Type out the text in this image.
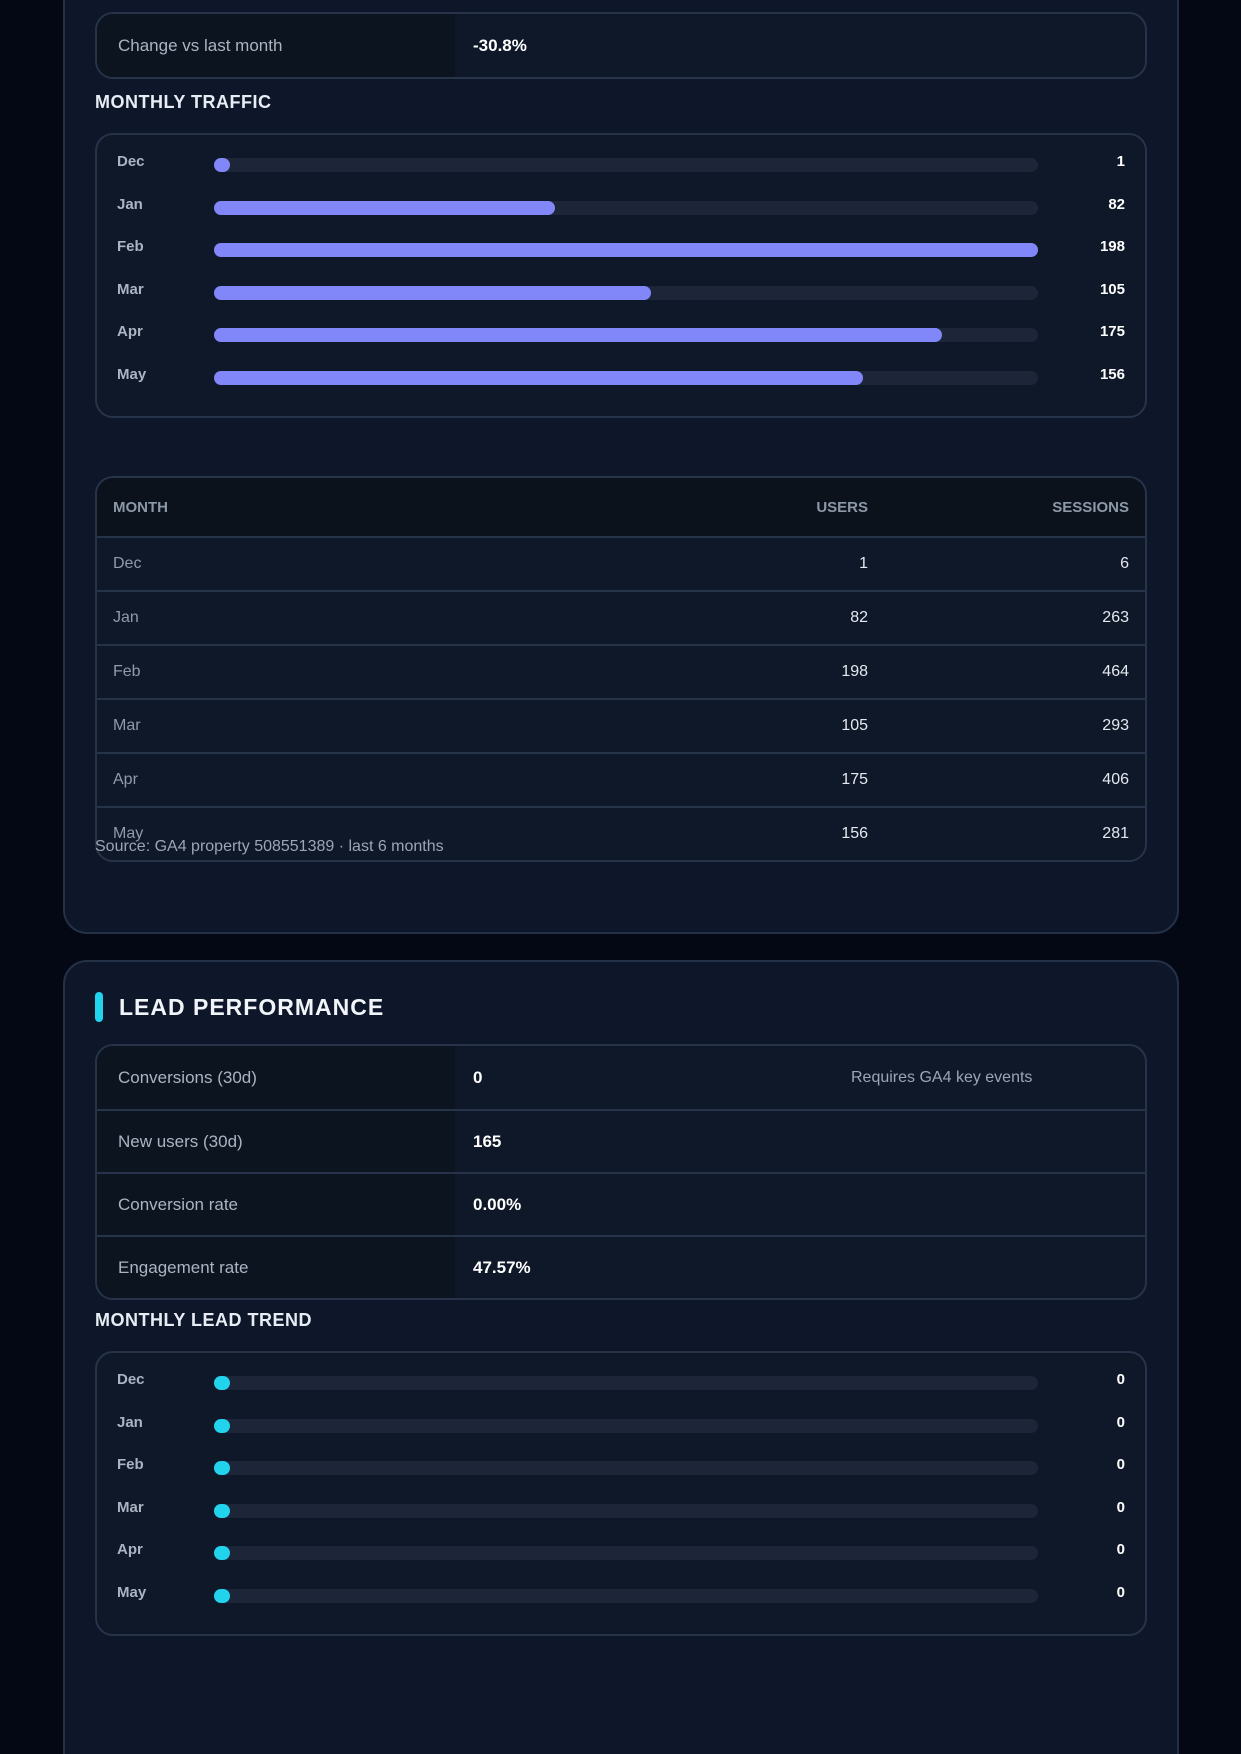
Change vs last month	-30.8%
MONTHLY TRAFFIC
Dec	1
Jan	82
Feb	198
Mar	105
Apr	175
May	156
MONTH	USERS	SESSIONS
Dec	1	6
Jan	82	263
Feb	198	464
Mar	105	293
Apr	175	406
May	156	281
Source: GA4 property 508551389 · last 6 months
LEAD PERFORMANCE
Conversions (30d)	0	Requires GA4 key events
New users (30d)	165
Conversion rate	0.00%
Engagement rate	47.57%
MONTHLY LEAD TREND
Dec	0
Jan	0
Feb	0
Mar	0
Apr	0
May	0
